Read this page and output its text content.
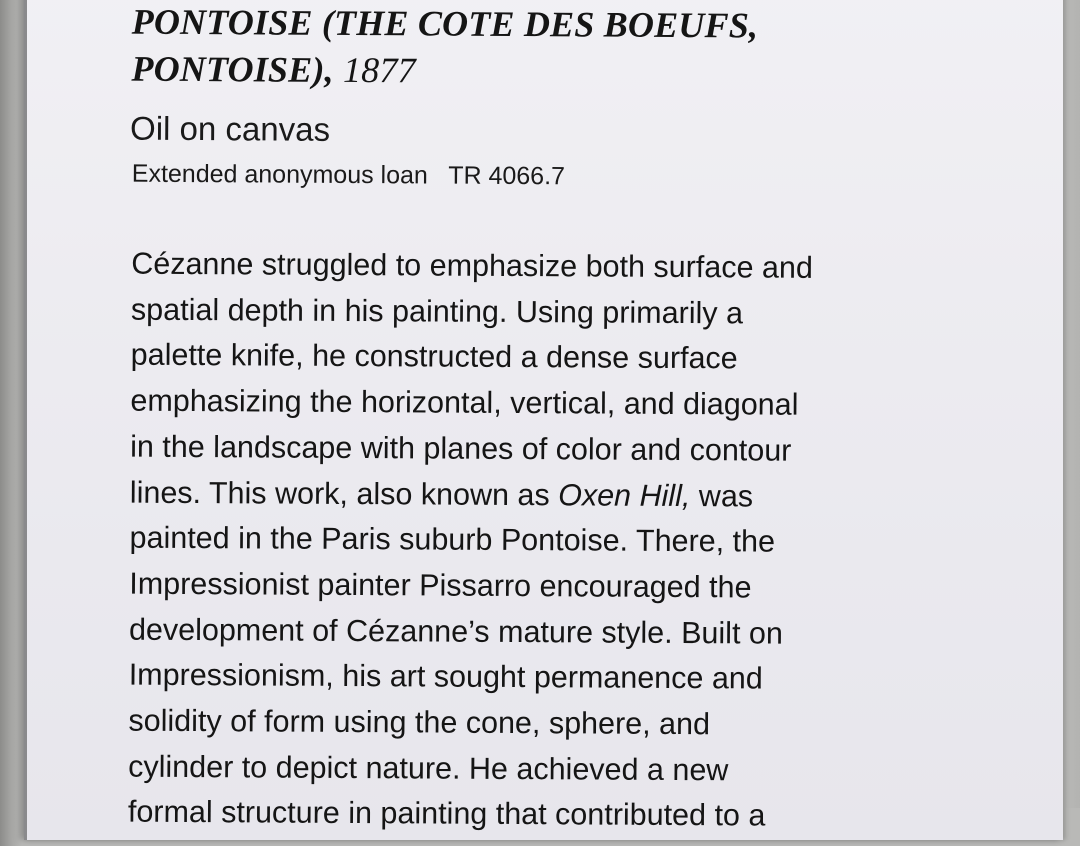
PONTOISE (THE COTE DES BOEUFS,
PONTOISE), 1877

Oil on canvas

Extended anonymous loan   TR 4066.7

Cézanne struggled to emphasize both surface and
spatial depth in his painting. Using primarily a
palette knife, he constructed a dense surface
emphasizing the horizontal, vertical, and diagonal
in the landscape with planes of color and contour
lines. This work, also known as Oxen Hill, was
painted in the Paris suburb Pontoise. There, the
Impressionist painter Pissarro encouraged the
development of Cézanne’s mature style. Built on
Impressionism, his art sought permanence and
solidity of form using the cone, sphere, and
cylinder to depict nature. He achieved a new
formal structure in painting that contributed to a
